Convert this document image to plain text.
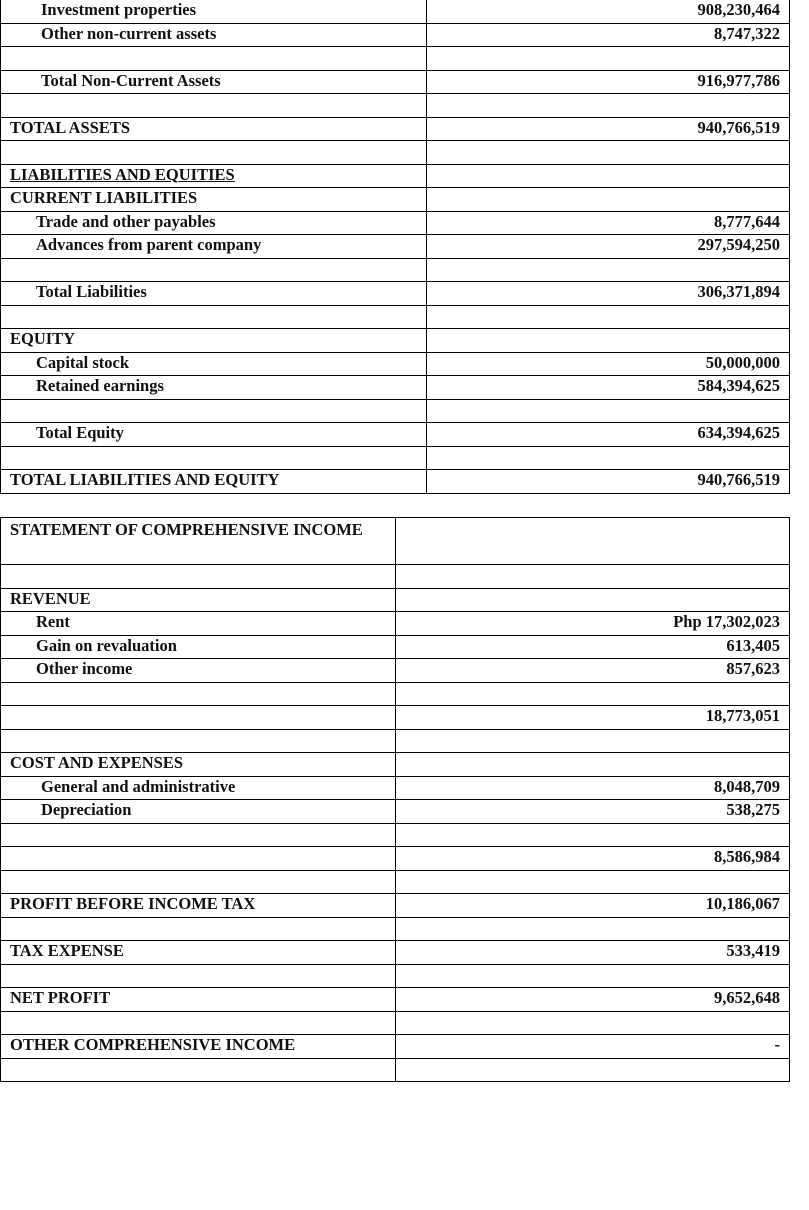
Investment properties	908,230,464
Other non-current assets	8,747,322

Total Non-Current Assets	916,977,786

TOTAL ASSETS	940,766,519

LIABILITIES AND EQUITIES	
CURRENT LIABILITIES	
Trade and other payables	8,777,644
Advances from parent company	297,594,250

Total Liabilities	306,371,894

EQUITY	
Capital stock	50,000,000
Retained earnings	584,394,625

Total Equity	634,394,625

TOTAL LIABILITIES AND EQUITY	940,766,519
STATEMENT OF COMPREHENSIVE INCOME	

REVENUE	
Rent	Php 17,302,023
Gain on revaluation	613,405
Other income	857,623

	18,773,051

COST AND EXPENSES	
General and administrative	8,048,709
Depreciation	538,275

	8,586,984

PROFIT BEFORE INCOME TAX	10,186,067

TAX EXPENSE	533,419

NET PROFIT	9,652,648

OTHER COMPREHENSIVE INCOME	-
